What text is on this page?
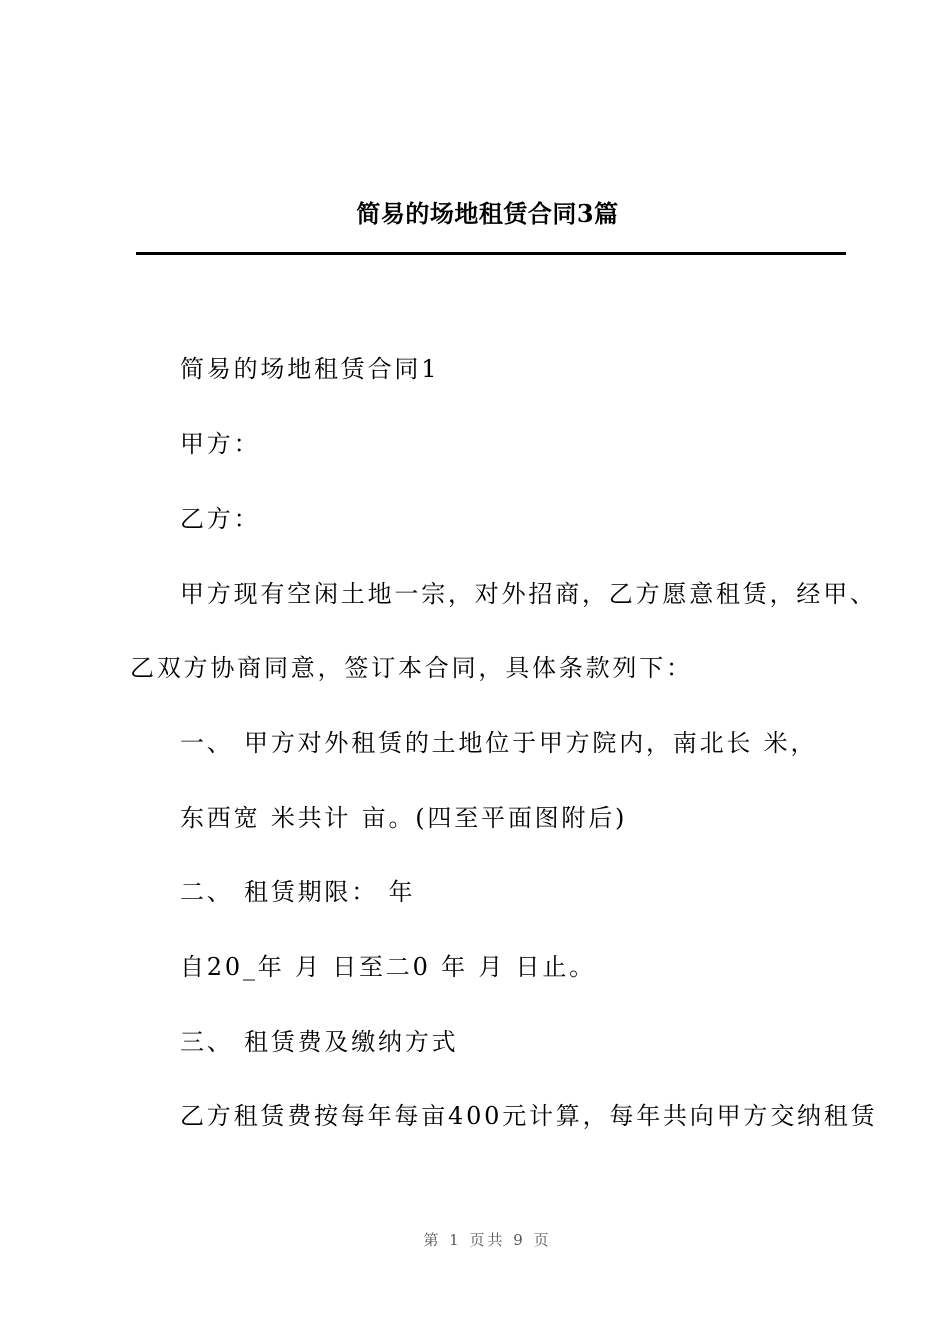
简易的场地租赁合同3篇
简易的场地租赁合同1
甲方：
乙方：
甲方现有空闲土地一宗，对外招商，乙方愿意租赁，经甲、
乙双方协商同意，签订本合同，具体条款列下：
一、 甲方对外租赁的土地位于甲方院内，南北长 米，
东西宽 米共计 亩。(四至平面图附后)
二、 租赁期限： 年
自20_年 月 日至二0 年 月 日止。
三、 租赁费及缴纳方式
乙方租赁费按每年每亩400元计算，每年共向甲方交纳租赁
第 1 页共 9 页
